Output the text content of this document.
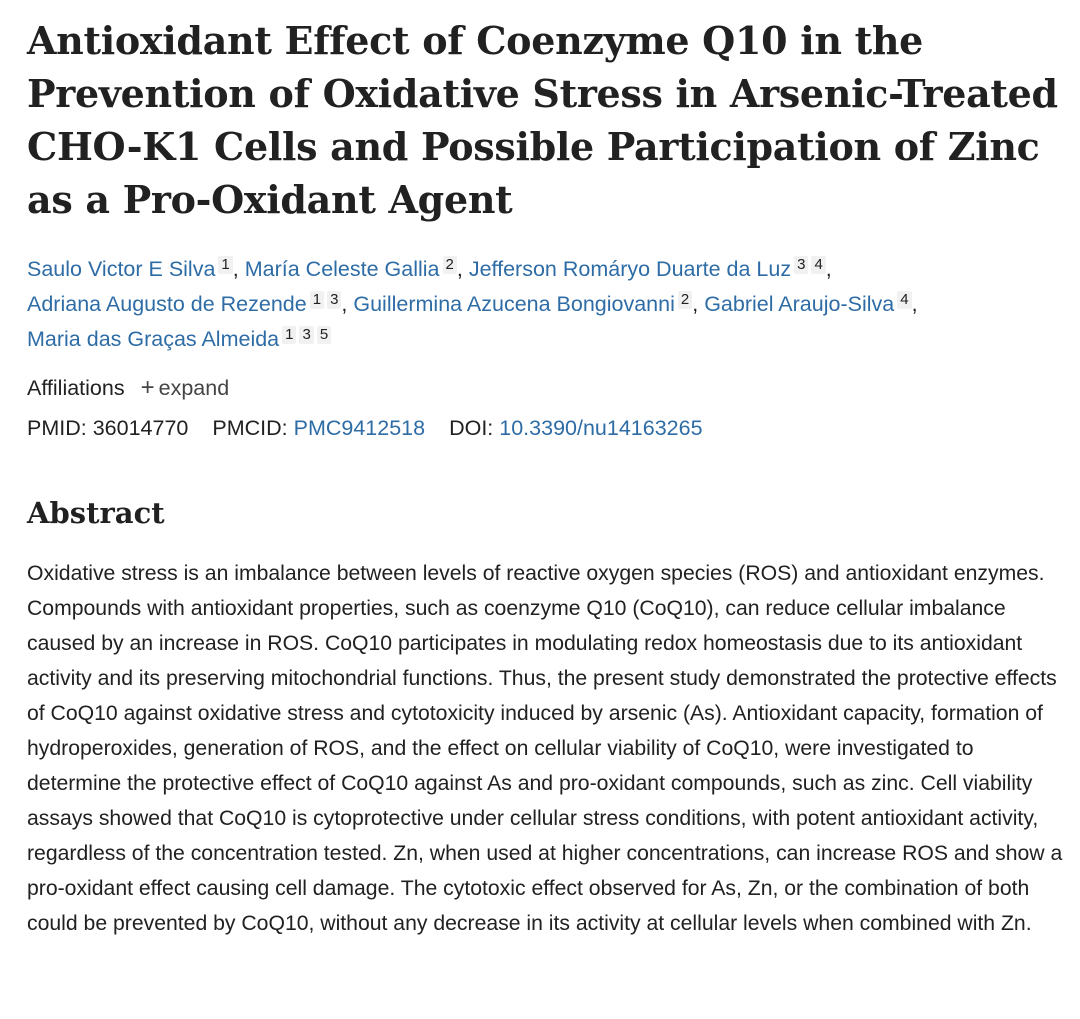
Antioxidant Effect of Coenzyme Q10 in the Prevention of Oxidative Stress in Arsenic-Treated CHO-K1 Cells and Possible Participation of Zinc as a Pro-Oxidant Agent
Saulo Victor E Silva 1 , María Celeste Gallia 2 , Jefferson Romáryo Duarte da Luz 3 4 , Adriana Augusto de Rezende 1 3 , Guillermina Azucena Bongiovanni 2 , Gabriel Araujo-Silva 4 , Maria das Graças Almeida 1 3 5
Affiliations + expand
PMID: 36014770 PMCID: PMC9412518 DOI: 10.3390/nu14163265
Abstract

Oxidative stress is an imbalance between levels of reactive oxygen species (ROS) and antioxidant enzymes. Compounds with antioxidant properties, such as coenzyme Q10 (CoQ10), can reduce cellular imbalance caused by an increase in ROS. CoQ10 participates in modulating redox homeostasis due to its antioxidant activity and its preserving mitochondrial functions. Thus, the present study demonstrated the protective effects of CoQ10 against oxidative stress and cytotoxicity induced by arsenic (As). Antioxidant capacity, formation of hydroperoxides, generation of ROS, and the effect on cellular viability of CoQ10, were investigated to determine the protective effect of CoQ10 against As and pro-oxidant compounds, such as zinc. Cell viability assays showed that CoQ10 is cytoprotective under cellular stress conditions, with potent antioxidant activity, regardless of the concentration tested. Zn, when used at higher concentrations, can increase ROS and show a pro-oxidant effect causing cell damage. The cytotoxic effect observed for As, Zn, or the combination of both could be prevented by CoQ10, without any decrease in its activity at cellular levels when combined with Zn.
